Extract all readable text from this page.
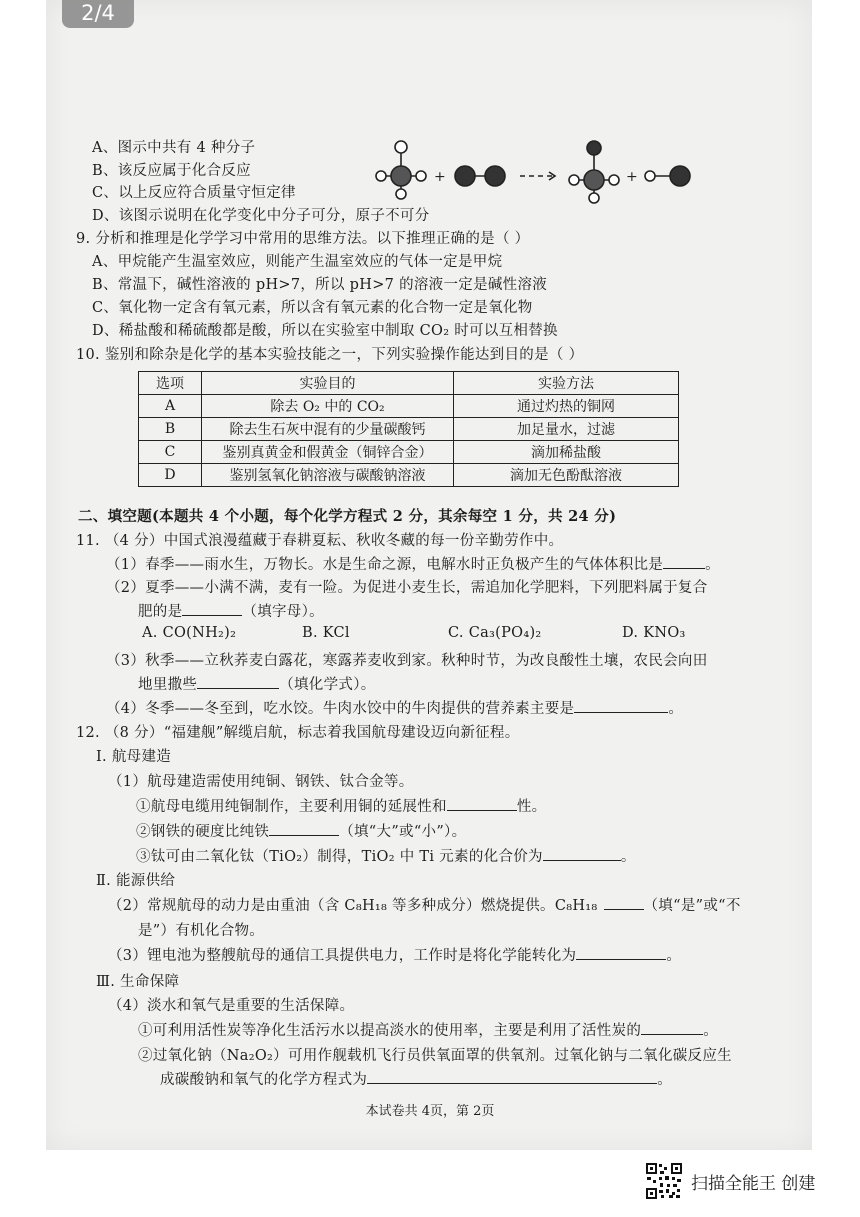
2/4
A、图示中共有 4 种分子
B、该反应属于化合反应
C、以上反应符合质量守恒定律
D、该图示说明在化学变化中分子可分，原子不可分
+	+
9. 分析和推理是化学学习中常用的思维方法。以下推理正确的是（ ）
A、甲烷能产生温室效应，则能产生温室效应的气体一定是甲烷
B、常温下，碱性溶液的 pH>7，所以 pH>7 的溶液一定是碱性溶液
C、氧化物一定含有氧元素，所以含有氧元素的化合物一定是氧化物
D、稀盐酸和稀硫酸都是酸，所以在实验室中制取 CO₂ 时可以互相替换
10. 鉴别和除杂是化学的基本实验技能之一，下列实验操作能达到目的是（ ）
选项	实验目的	实验方法
A	除去 O₂ 中的 CO₂	通过灼热的铜网
B	除去生石灰中混有的少量碳酸钙	加足量水，过滤
C	鉴别真黄金和假黄金（铜锌合金）	滴加稀盐酸
D	鉴别氢氧化钠溶液与碳酸钠溶液	滴加无色酚酞溶液
二、填空题(本题共 4 个小题，每个化学方程式 2 分，其余每空 1 分，共 24 分)
11. （4 分）中国式浪漫蕴藏于春耕夏耘、秋收冬藏的每一份辛勤劳作中。
（1）春季——雨水生，万物长。水是生命之源，电解水时正负极产生的气体体积比是	。
（2）夏季——小满不满，麦有一险。为促进小麦生长，需追加化学肥料，下列肥料属于复合
肥的是	（填字母）。
A. CO(NH₂)₂	B. KCl	C. Ca₃(PO₄)₂	D. KNO₃
（3）秋季——立秋荞麦白露花，寒露荞麦收到家。秋种时节，为改良酸性土壤，农民会向田
地里撒些	（填化学式）。
（4）冬季——冬至到，吃水饺。牛肉水饺中的牛肉提供的营养素主要是	。
12. （8 分）“福建舰”解缆启航，标志着我国航母建设迈向新征程。
Ⅰ. 航母建造
（1）航母建造需使用纯铜、钢铁、钛合金等。
①航母电缆用纯铜制作，主要利用铜的延展性和	性。
②钢铁的硬度比纯铁	（填“大”或“小”）。
③钛可由二氧化钛（TiO₂）制得，TiO₂ 中 Ti 元素的化合价为	。
Ⅱ. 能源供给
（2）常规航母的动力是由重油（含 C₈H₁₈ 等多种成分）燃烧提供。C₈H₁₈	（填“是”或“不
是”）有机化合物。
（3）锂电池为整艘航母的通信工具提供电力，工作时是将化学能转化为	。
Ⅲ. 生命保障
（4）淡水和氧气是重要的生活保障。
①可利用活性炭等净化生活污水以提高淡水的使用率，主要是利用了活性炭的	。
②过氧化钠（Na₂O₂）可用作舰载机飞行员供氧面罩的供氧剂。过氧化钠与二氧化碳反应生
成碳酸钠和氧气的化学方程式为	。
本试卷共 4页，第 2页
扫描全能王 创建
